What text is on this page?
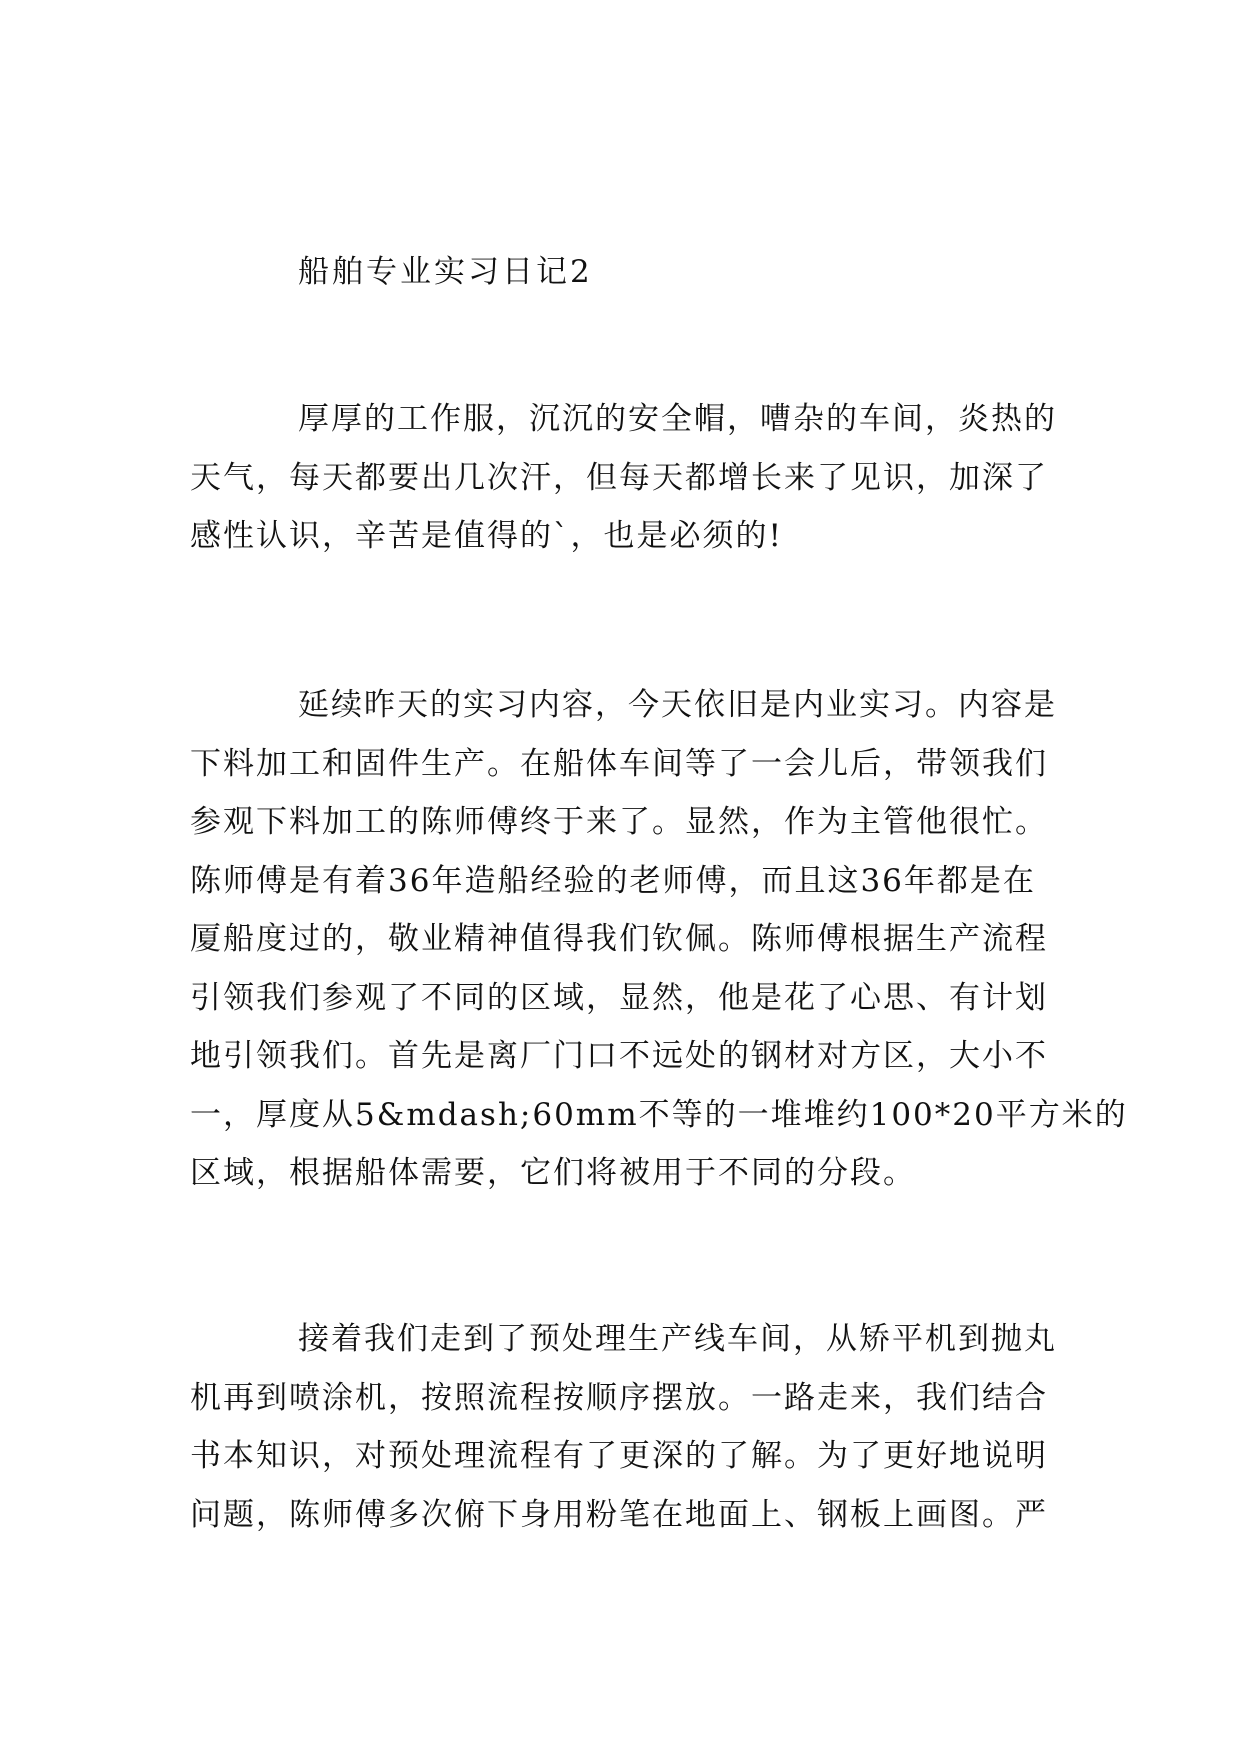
船舶专业实习日记2
厚厚的工作服，沉沉的安全帽，嘈杂的车间，炎热的
天气，每天都要出几次汗，但每天都增长来了见识，加深了
感性认识，辛苦是值得的`，也是必须的!
延续昨天的实习内容，今天依旧是内业实习。内容是
下料加工和固件生产。在船体车间等了一会儿后，带领我们
参观下料加工的陈师傅终于来了。显然，作为主管他很忙。
陈师傅是有着36年造船经验的老师傅，而且这36年都是在
厦船度过的，敬业精神值得我们钦佩。陈师傅根据生产流程
引领我们参观了不同的区域，显然，他是花了心思、有计划
地引领我们。首先是离厂门口不远处的钢材对方区，大小不
一，厚度从5&mdash;60mm不等的一堆堆约100*20平方米的
区域，根据船体需要，它们将被用于不同的分段。
接着我们走到了预处理生产线车间，从矫平机到抛丸
机再到喷涂机，按照流程按顺序摆放。一路走来，我们结合
书本知识，对预处理流程有了更深的了解。为了更好地说明
问题，陈师傅多次俯下身用粉笔在地面上、钢板上画图。严
